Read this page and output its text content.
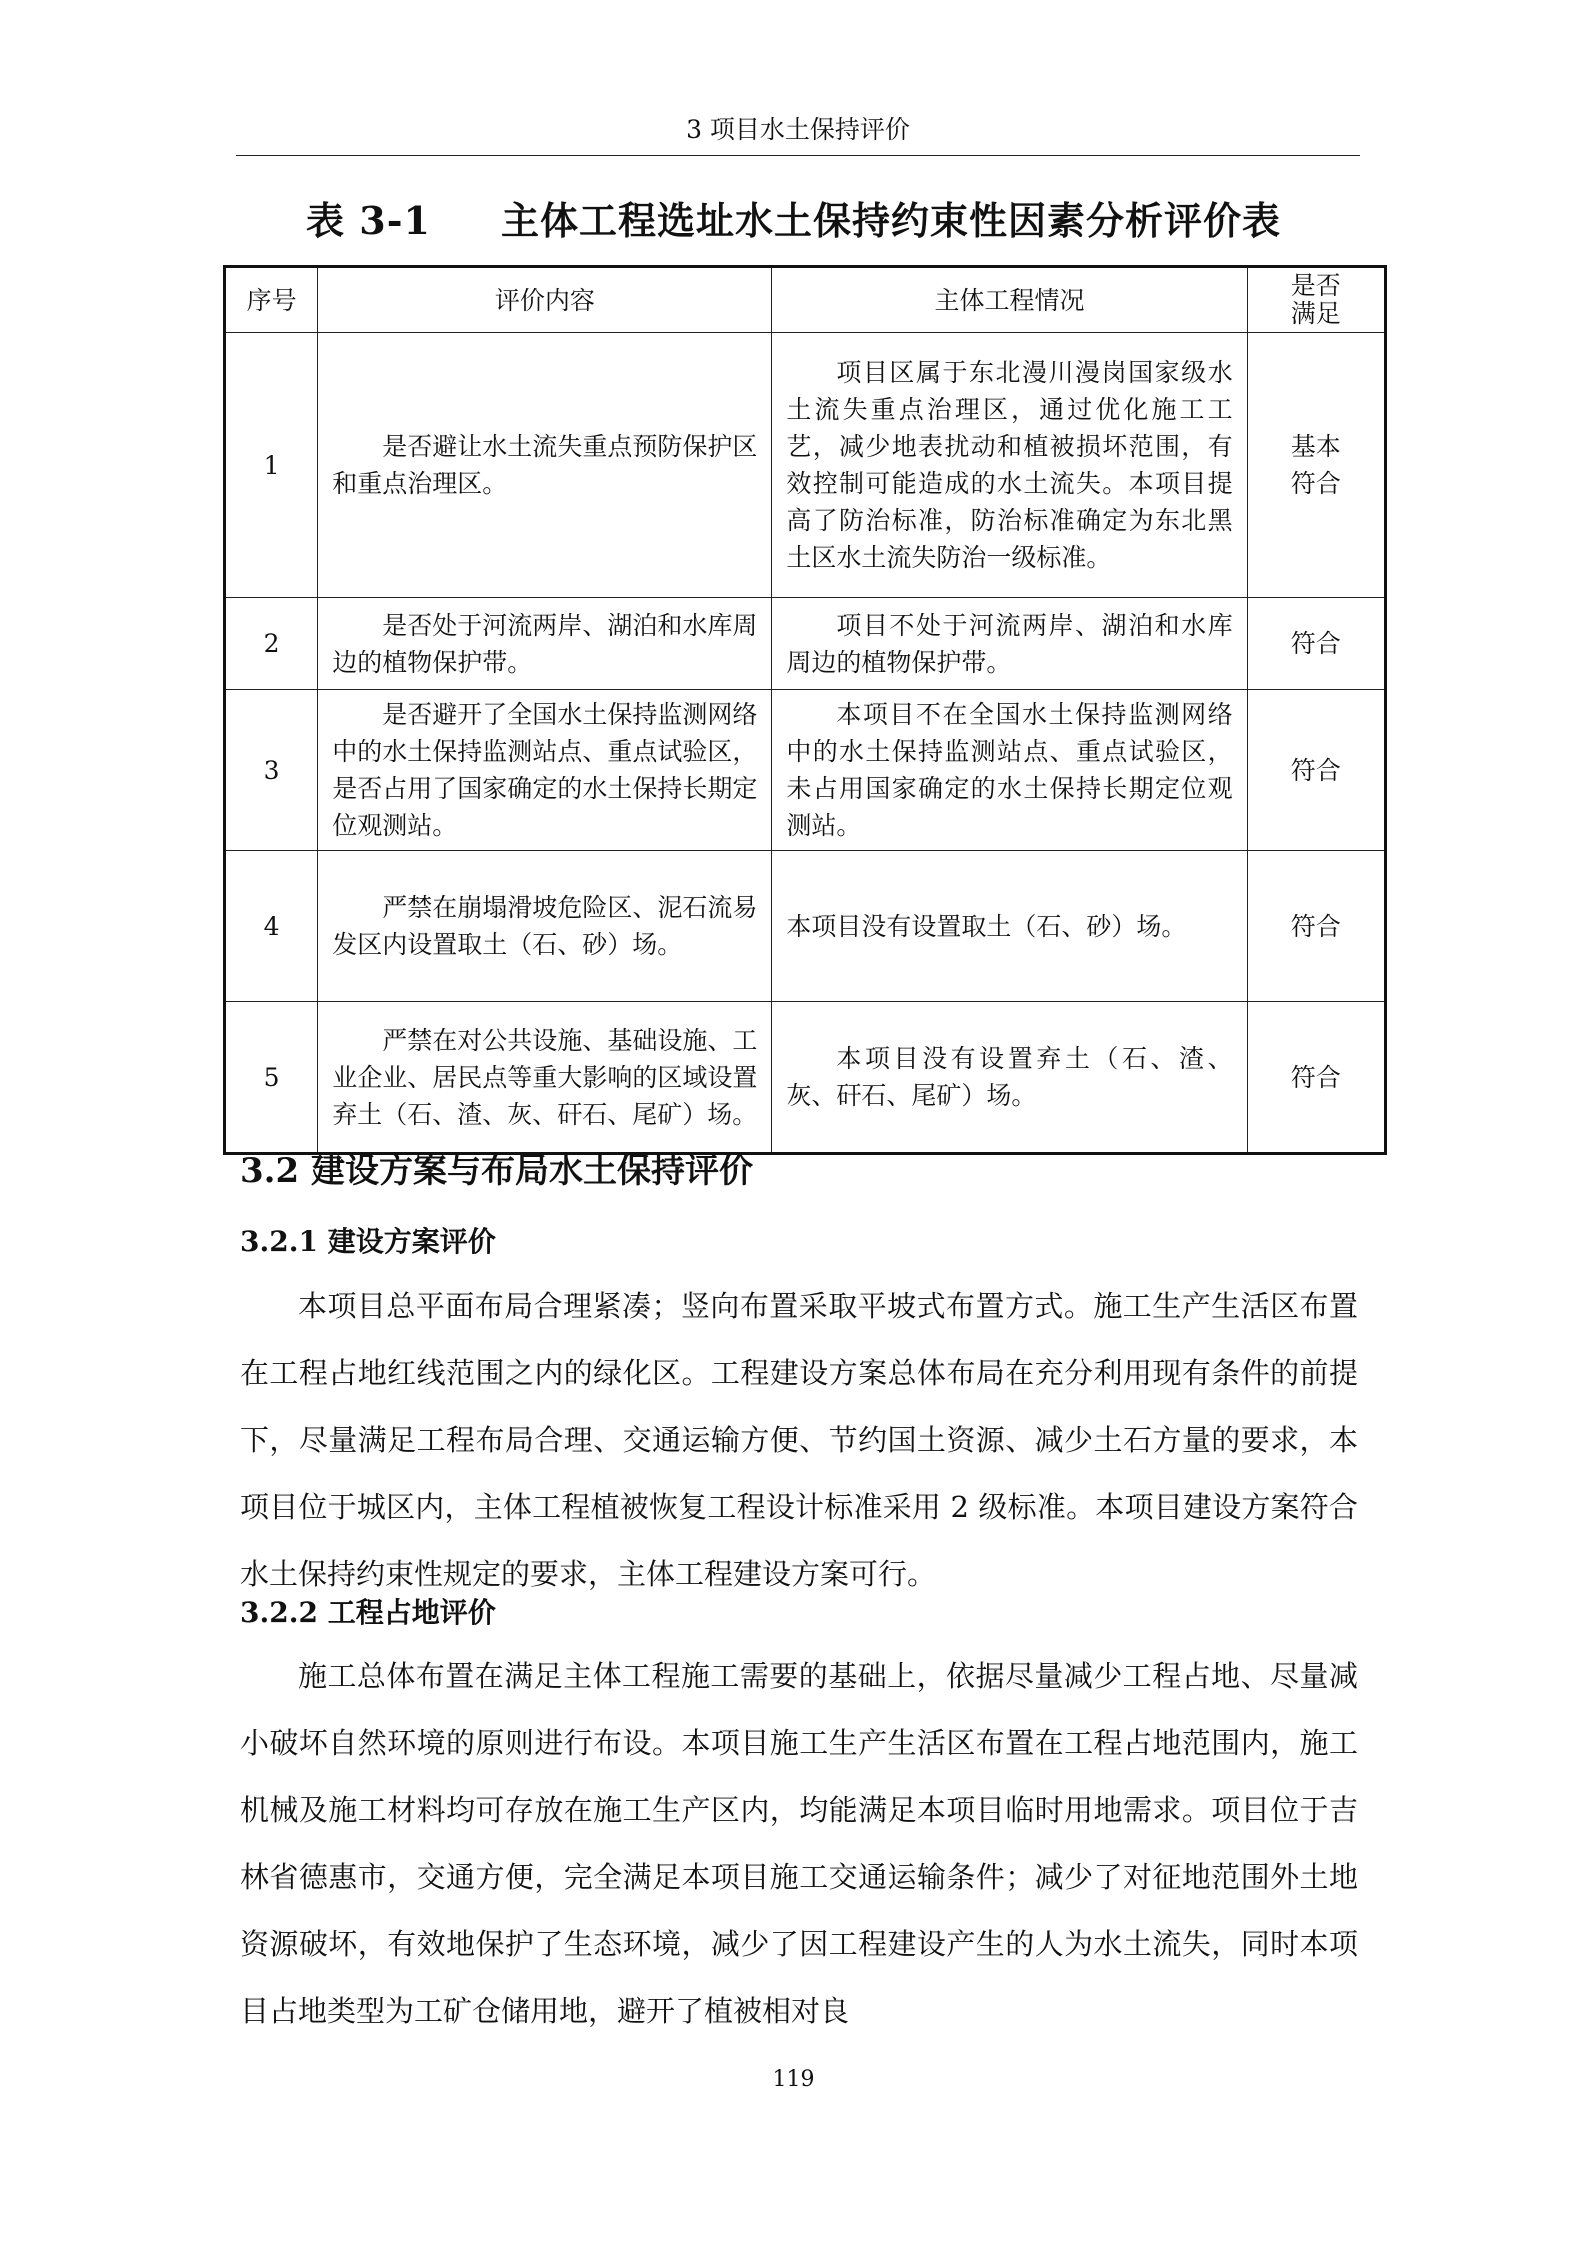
3 项目水土保持评价
表 3-1 主体工程选址水土保持约束性因素分析评价表
序号	评价内容	主体工程情况	是否
满足
1	是否避让水土流失重点预防保护区和重点治理区。	项目区属于东北漫川漫岗国家级水土流失重点治理区，通过优化施工工艺，减少地表扰动和植被损坏范围，有效控制可能造成的水土流失。本项目提高了防治标准，防治标准确定为东北黑土区水土流失防治一级标准。	基本
符合
2	是否处于河流两岸、湖泊和水库周边的植物保护带。	项目不处于河流两岸、湖泊和水库周边的植物保护带。	符合
3	是否避开了全国水土保持监测网络中的水土保持监测站点、重点试验区，是否占用了国家确定的水土保持长期定位观测站。	本项目不在全国水土保持监测网络中的水土保持监测站点、重点试验区，未占用国家确定的水土保持长期定位观测站。	符合
4	严禁在崩塌滑坡危险区、泥石流易发区内设置取土（石、砂）场。	本项目没有设置取土（石、砂）场。	符合
5	严禁在对公共设施、基础设施、工业企业、居民点等重大影响的区域设置弃土（石、渣、灰、矸石、尾矿）场。	本项目没有设置弃土（石、渣、灰、矸石、尾矿）场。	符合
3.2 建设方案与布局水土保持评价
3.2.1 建设方案评价
本项目总平面布局合理紧凑；竖向布置采取平坡式布置方式。施工生产生活区布置在工程占地红线范围之内的绿化区。工程建设方案总体布局在充分利用现有条件的前提下，尽量满足工程布局合理、交通运输方便、节约国土资源、减少土石方量的要求，本项目位于城区内，主体工程植被恢复工程设计标准采用 2 级标准。本项目建设方案符合水土保持约束性规定的要求，主体工程建设方案可行。
3.2.2 工程占地评价
施工总体布置在满足主体工程施工需要的基础上，依据尽量减少工程占地、尽量减小破坏自然环境的原则进行布设。本项目施工生产生活区布置在工程占地范围内，施工机械及施工材料均可存放在施工生产区内，均能满足本项目临时用地需求。项目位于吉林省德惠市，交通方便，完全满足本项目施工交通运输条件；减少了对征地范围外土地资源破坏，有效地保护了生态环境，减少了因工程建设产生的人为水土流失，同时本项目占地类型为工矿仓储用地，避开了植被相对良
119
